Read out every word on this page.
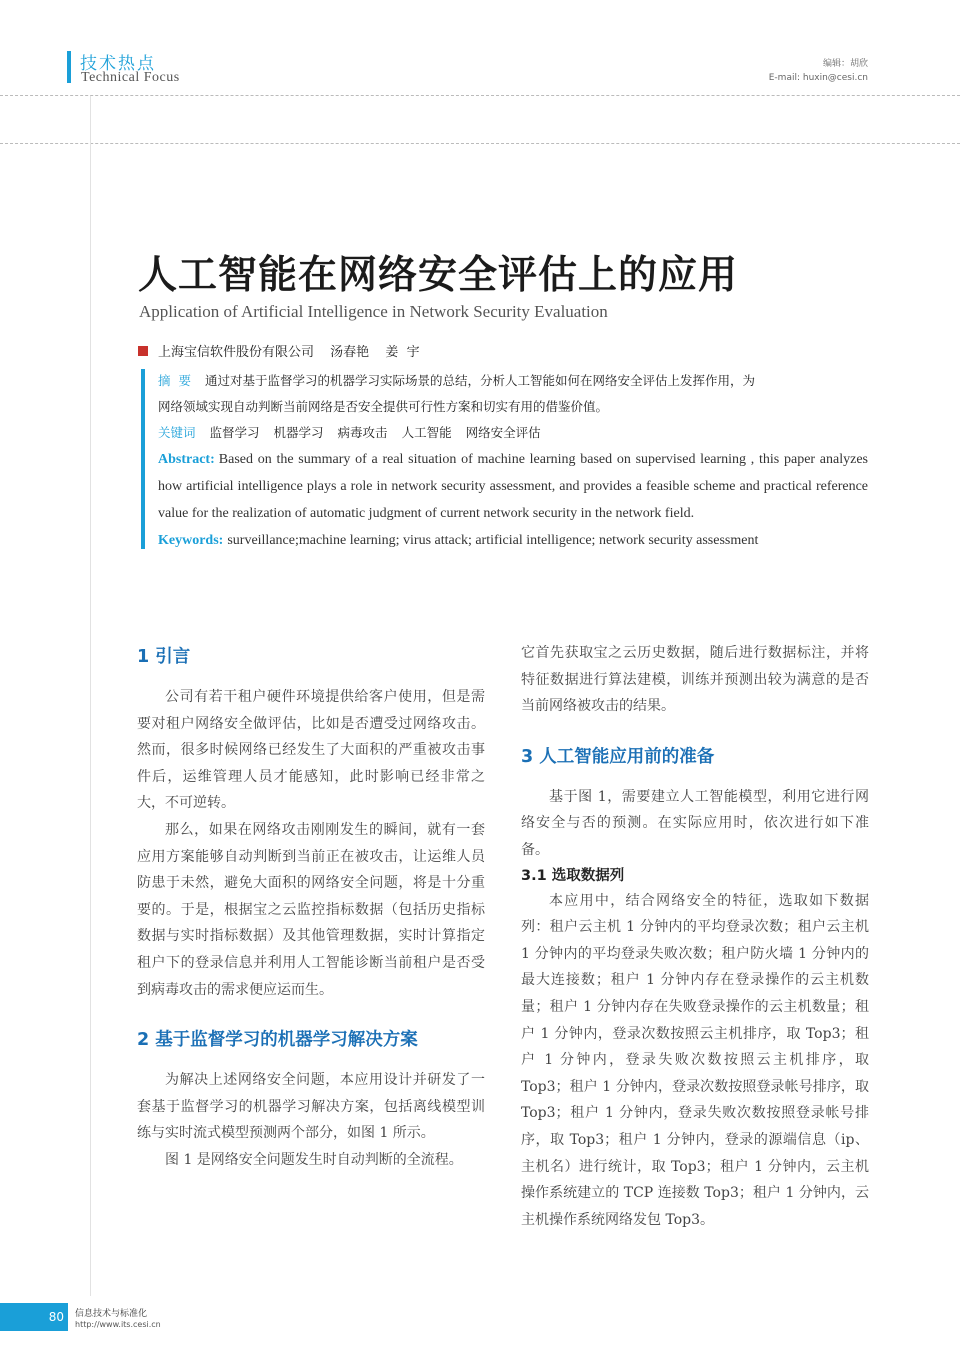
技术热点
Technical Focus
编辑：胡欣
E-mail: huxin@cesi.cn
人工智能在网络安全评估上的应用
Application of Artificial Intelligence in Network Security Evaluation
上海宝信软件股份有限公司 汤春艳 姜  宇
摘  要 通过对基于监督学习的机器学习实际场景的总结，分析人工智能如何在网络安全评估上发挥作用，为
网络领域实现自动判断当前网络是否安全提供可行性方案和切实有用的借鉴价值。
关键词 监督学习 机器学习 病毒攻击 人工智能 网络安全评估
Abstract: Based on the summary of a real situation of machine learning based on supervised learning , this paper analyzes how artificial intelligence plays a role in network security assessment, and provides a feasible scheme and practical reference value for the realization of automatic judgment of current network security in the network field.
Keywords: surveillance;machine learning; virus attack; artificial intelligence; network security assessment
1 引言

公司有若干租户硬件环境提供给客户使用，但是需要对租户网络安全做评估，比如是否遭受过网络攻击。然而，很多时候网络已经发生了大面积的严重被攻击事件后，运维管理人员才能感知，此时影响已经非常之大，不可逆转。

那么，如果在网络攻击刚刚发生的瞬间，就有一套应用方案能够自动判断到当前正在被攻击，让运维人员防患于未然，避免大面积的网络安全问题，将是十分重要的。于是，根据宝之云监控指标数据（包括历史指标数据与实时指标数据）及其他管理数据，实时计算指定租户下的登录信息并利用人工智能诊断当前租户是否受到病毒攻击的需求便应运而生。

2 基于监督学习的机器学习解决方案

为解决上述网络安全问题，本应用设计并研发了一套基于监督学习的机器学习解决方案，包括离线模型训练与实时流式模型预测两个部分，如图 1 所示。

图 1 是网络安全问题发生时自动判断的全流程。

它首先获取宝之云历史数据，随后进行数据标注，并将特征数据进行算法建模，训练并预测出较为满意的是否当前网络被攻击的结果。

3 人工智能应用前的准备

基于图 1，需要建立人工智能模型，利用它进行网络安全与否的预测。在实际应用时，依次进行如下准备。

3.1 选取数据列

本应用中，结合网络安全的特征，选取如下数据列：租户云主机 1 分钟内的平均登录次数；租户云主机 1 分钟内的平均登录失败次数；租户防火墙 1 分钟内的最大连接数；租户 1 分钟内存在登录操作的云主机数量；租户 1 分钟内存在失败登录操作的云主机数量；租户 1 分钟内，登录次数按照云主机排序，取 Top3；租户 1 分钟内，登录失败次数按照云主机排序，取 Top3；租户 1 分钟内，登录次数按照登录帐号排序，取 Top3；租户 1 分钟内，登录失败次数按照登录帐号排序，取 Top3；租户 1 分钟内，登录的源端信息（ip、主机名）进行统计，取 Top3；租户 1 分钟内，云主机操作系统建立的 TCP 连接数 Top3；租户 1 分钟内，云主机操作系统网络发包 Top3。

80 信息技术与标准化
http://www.its.cesi.cn
